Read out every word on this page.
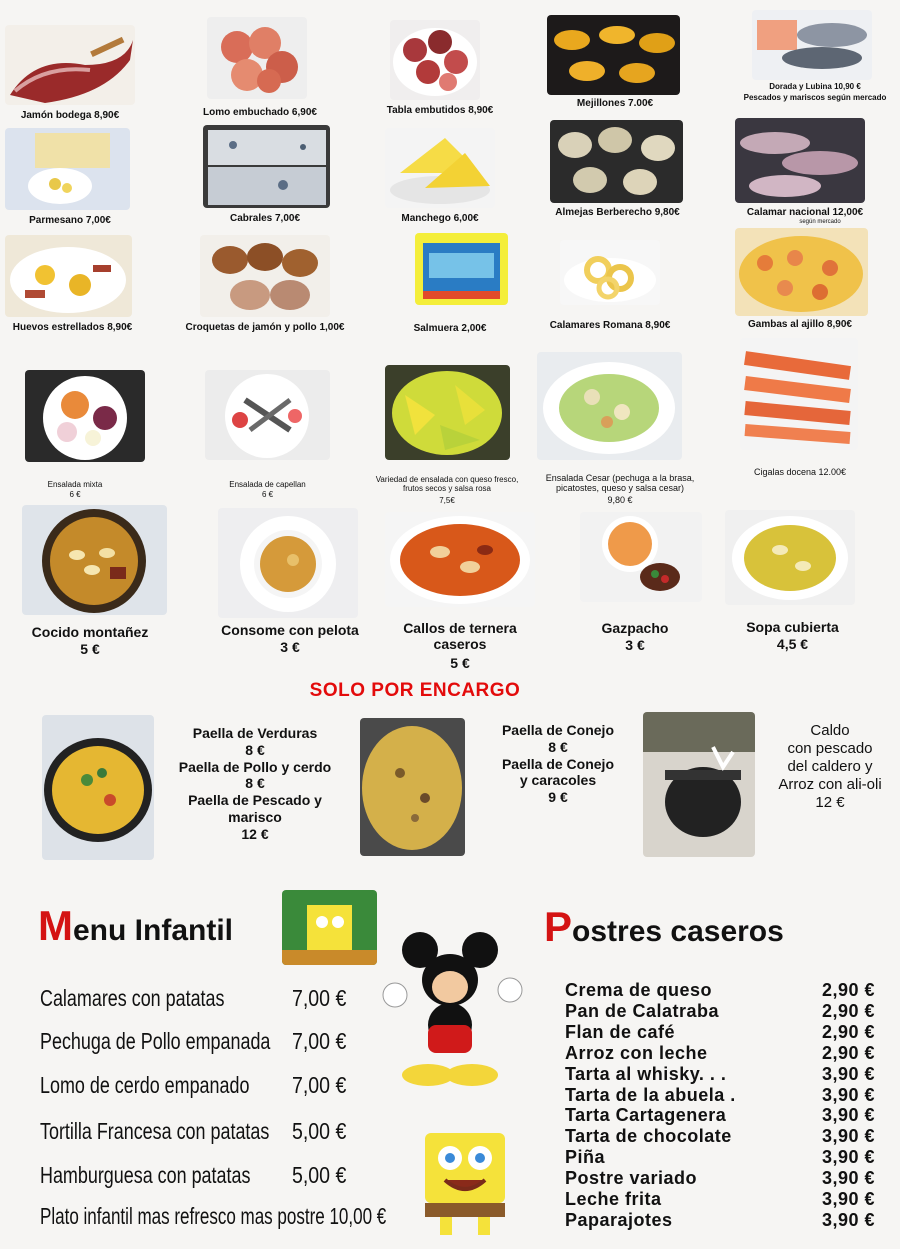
Jamón bodega 8,90€	Lomo embuchado 6,90€	Tabla embutidos 8,90€
Mejillones 7.00€
Dorada y Lubina 10,90 €
Pescados y mariscos según mercado
Parmesano 7,00€	Cabrales 7,00€	Manchego 6,00€
Almejas Berberecho 9,80€	Calamar nacional 12,00€
según mercado
Huevos estrellados 8,90€	Croquetas de jamón y pollo 1,00€	Salmuera 2,00€	Calamares Romana 8,90€	Gambas al ajillo 8,90€
Ensalada mixta
6 €
Ensalada de capellan
6 €
Variedad de ensalada con queso fresco, frutos secos y salsa rosa
7,5€
Ensalada Cesar (pechuga a la brasa, picatostes, queso y salsa cesar)
9,80 €
Cigalas docena 12.00€
Cocido montañez
5 €
Consome con pelota
3 €
Callos de ternera caseros
5 €
Gazpacho
3 €
Sopa cubierta
4,5 €
SOLO POR ENCARGO
Paella de Verduras
8 €
Paella de Pollo y cerdo
8 €
Paella de Pescado y
marisco
12 €
Paella de Conejo
8 €
Paella de Conejo
y caracoles
9 €
Caldo
con pescado
del caldero y
Arroz con ali-oli
12 €
Menu Infantil
Calamares con patatas	7,00 €
Pechuga de Pollo empanada 7,00 €
Lomo de cerdo empanado	7,00 €
Tortilla Francesa con patatas 5,00 €
Hamburguesa con patatas	5,00 €
Plato infantil mas refresco mas postre 10,00 €
Postres caseros
Crema de queso	2,90 €
Pan de Calatraba	2,90 €
Flan de café	2,90 €
Arroz con leche	2,90 €
Tarta al whisky. . .	3,90 €
Tarta de la abuela .	3,90 €
Tarta Cartagenera	3,90 €
Tarta de chocolate	3,90 €
Piña	3,90 €
Postre variado	3,90 €
Leche frita	3,90 €
Paparajotes	3,90 €
